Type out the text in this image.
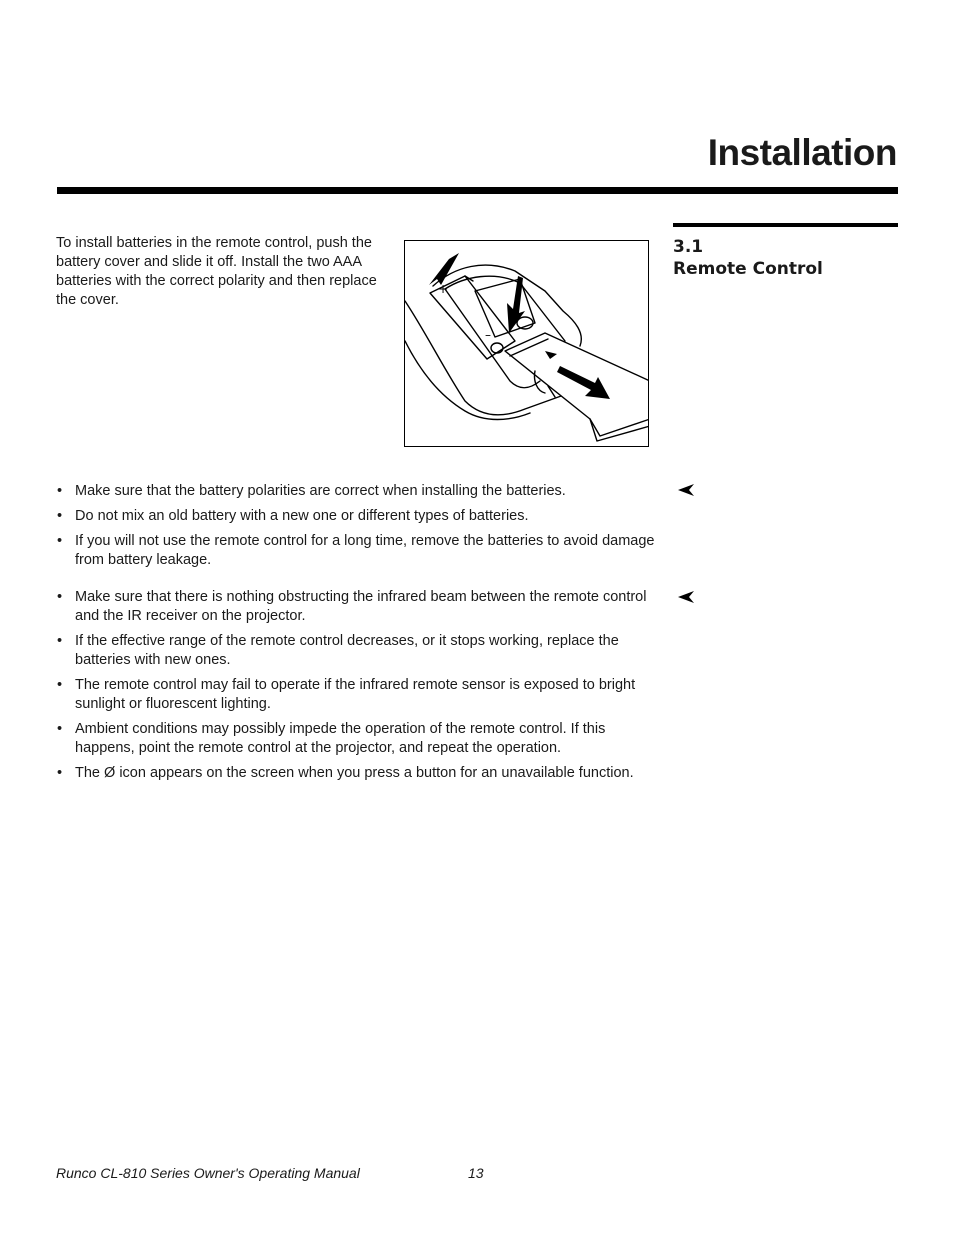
Installation
3.1
Remote Control

To install batteries in the remote control, push the battery cover and slide it off. Install the two AAA batteries with the correct polarity and then replace the cover.

+
+
–
• Make sure that the battery polarities are correct when installing the batteries.
• Do not mix an old battery with a new one or different types of batteries.
• If you will not use the remote control for a long time, remove the batteries to avoid damage from battery leakage.
• Make sure that there is nothing obstructing the infrared beam between the remote control and the IR receiver on the projector.
• If the effective range of the remote control decreases, or it stops working, replace the batteries with new ones.
• The remote control may fail to operate if the infrared remote sensor is exposed to bright sunlight or fluorescent lighting.
• Ambient conditions may possibly impede the operation of the remote control. If this happens, point the remote control at the projector, and repeat the operation.
• The Ø icon appears on the screen when you press a button for an unavailable function.
Runco CL-810 Series Owner's Operating Manual	13
